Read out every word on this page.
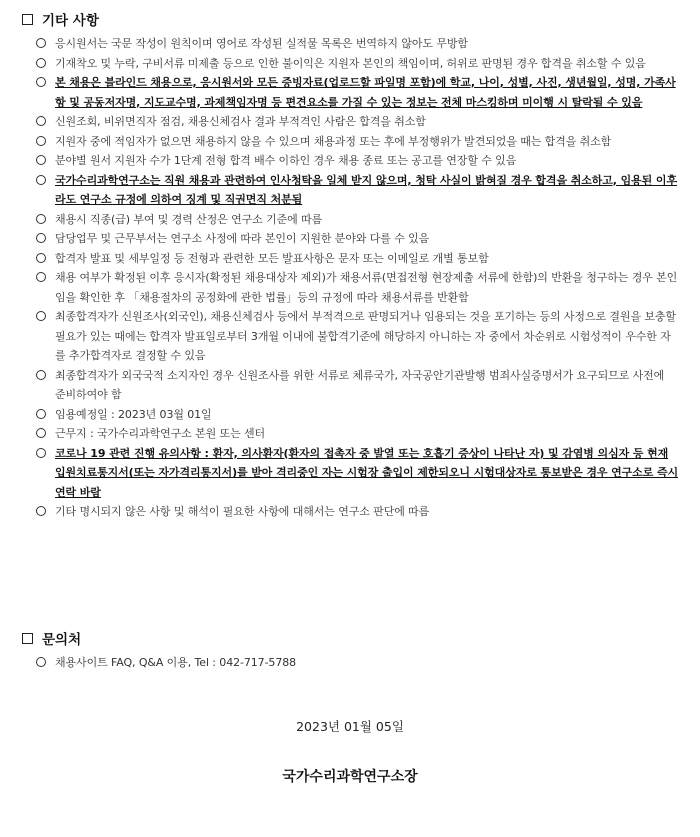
기타 사항
응시원서는 국문 작성이 원칙이며 영어로 작성된 실적물 목록은 번역하지 않아도 무방함
기재착오 및 누락, 구비서류 미제출 등으로 인한 불이익은 지원자 본인의 책임이며, 허위로 판명된 경우 합격을 취소할 수 있음
본 채용은 블라인드 채용으로, 응시원서와 모든 증빙자료(업로드할 파일명 포함)에 학교, 나이, 성별, 사진, 생년월일, 성명, 가족사항 및 공동저자명, 지도교수명, 과제책임자명 등 편견요소를 가질 수 있는 정보는 전체 마스킹하며 미이행 시 탈락될 수 있음
신원조회, 비위면직자 점검, 채용신체검사 결과 부적격인 사람은 합격을 취소함
지원자 중에 적임자가 없으면 채용하지 않을 수 있으며 채용과정 또는 후에 부정행위가 발견되었을 때는 합격을 취소함
분야별 원서 지원자 수가 1단계 전형 합격 배수 이하인 경우 채용 종료 또는 공고를 연장할 수 있음
국가수리과학연구소는 직원 채용과 관련하여 인사청탁을 일체 받지 않으며, 청탁 사실이 밝혀질 경우 합격을 취소하고, 임용된 이후라도 연구소 규정에 의하여 징계 및 직권면직 처분됨
채용시 직종(급) 부여 및 경력 산정은 연구소 기준에 따름
담당업무 및 근무부서는 연구소 사정에 따라 본인이 지원한 분야와 다를 수 있음
합격자 발표 및 세부일정 등 전형과 관련한 모든 발표사항은 문자 또는 이메일로 개별 통보함
채용 여부가 확정된 이후 응시자(확정된 채용대상자 제외)가 채용서류(면접전형 현장제출 서류에 한함)의 반환을 청구하는 경우 본인임을 확인한 후 「채용절차의 공정화에 관한 법률」등의 규정에 따라 채용서류를 반환함
최종합격자가 신원조사(외국인), 채용신체검사 등에서 부적격으로 판명되거나 임용되는 것을 포기하는 등의 사정으로 결원을 보충할 필요가 있는 때에는 합격자 발표일로부터 3개월 이내에 불합격기준에 해당하지 아니하는 자 중에서 차순위로 시험성적이 우수한 자를 추가합격자로 결정할 수 있음
최종합격자가 외국국적 소지자인 경우 신원조사를 위한 서류로 체류국가, 자국공안기관발행 범죄사실증명서가 요구되므로 사전에 준비하여야 함
임용예정일 : 2023년 03월 01일
근무지 : 국가수리과학연구소 본원 또는 센터
코로나 19 관련 진행 유의사항 : 환자, 의사환자(환자의 접촉자 중 발열 또는 호흡기 증상이 나타난 자) 및 감염병 의심자 등 현재 입원치료통지서(또는 자가격리통지서)를 받아 격리중인 자는 시험장 출입이 제한되오니 시험대상자로 통보받은 경우 연구소로 즉시 연락 바람
기타 명시되지 않은 사항 및 해석이 필요한 사항에 대해서는 연구소 판단에 따름
문의처
채용사이트 FAQ, Q&A 이용, Tel : 042-717-5788
2023년 01월 05일
국가수리과학연구소장
